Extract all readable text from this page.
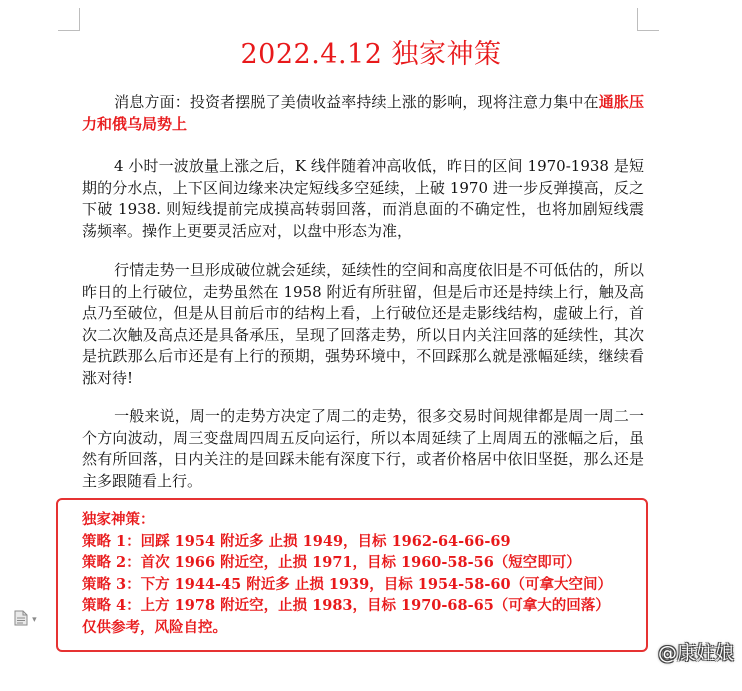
2022.4.12 独家神策

消息方面：投资者摆脱了美债收益率持续上涨的影响，现将注意力集中在通胀压力和俄乌局势上

4 小时一波放量上涨之后，K 线伴随着冲高收低，昨日的区间 1970-1938 是短期的分水点，上下区间边缘来决定短线多空延续，上破 1970 进一步反弹摸高，反之下破 1938. 则短线提前完成摸高转弱回落，而消息面的不确定性，也将加剧短线震荡频率。操作上更要灵活应对，以盘中形态为准，

行情走势一旦形成破位就会延续，延续性的空间和高度依旧是不可低估的，所以昨日的上行破位，走势虽然在 1958 附近有所驻留，但是后市还是持续上行，触及高点乃至破位，但是从目前后市的结构上看，上行破位还是走影线结构，虚破上行，首次二次触及高点还是具备承压，呈现了回落走势，所以日内关注回落的延续性，其次是抗跌那么后市还是有上行的预期，强势环境中，不回踩那么就是涨幅延续，继续看涨对待!

一般来说，周一的走势方决定了周二的走势，很多交易时间规律都是周一周二一个方向波动，周三变盘周四周五反向运行，所以本周延续了上周周五的涨幅之后，虽然有所回落，日内关注的是回踩未能有深度下行，或者价格居中依旧坚挺，那么还是主多跟随看上行。

独家神策：
策略 1：回踩 1954 附近多 止损 1949，目标 1962-64-66-69
策略 2：首次 1966 附近空，止损 1971，目标 1960-58-56（短空即可）
策略 3：下方 1944-45 附近多 止损 1939，目标 1954-58-60（可拿大空间）
策略 4：上方 1978 附近空，止损 1983，目标 1970-68-65（可拿大的回落）
仅供参考，风险自控。
▾
@康妵娘
